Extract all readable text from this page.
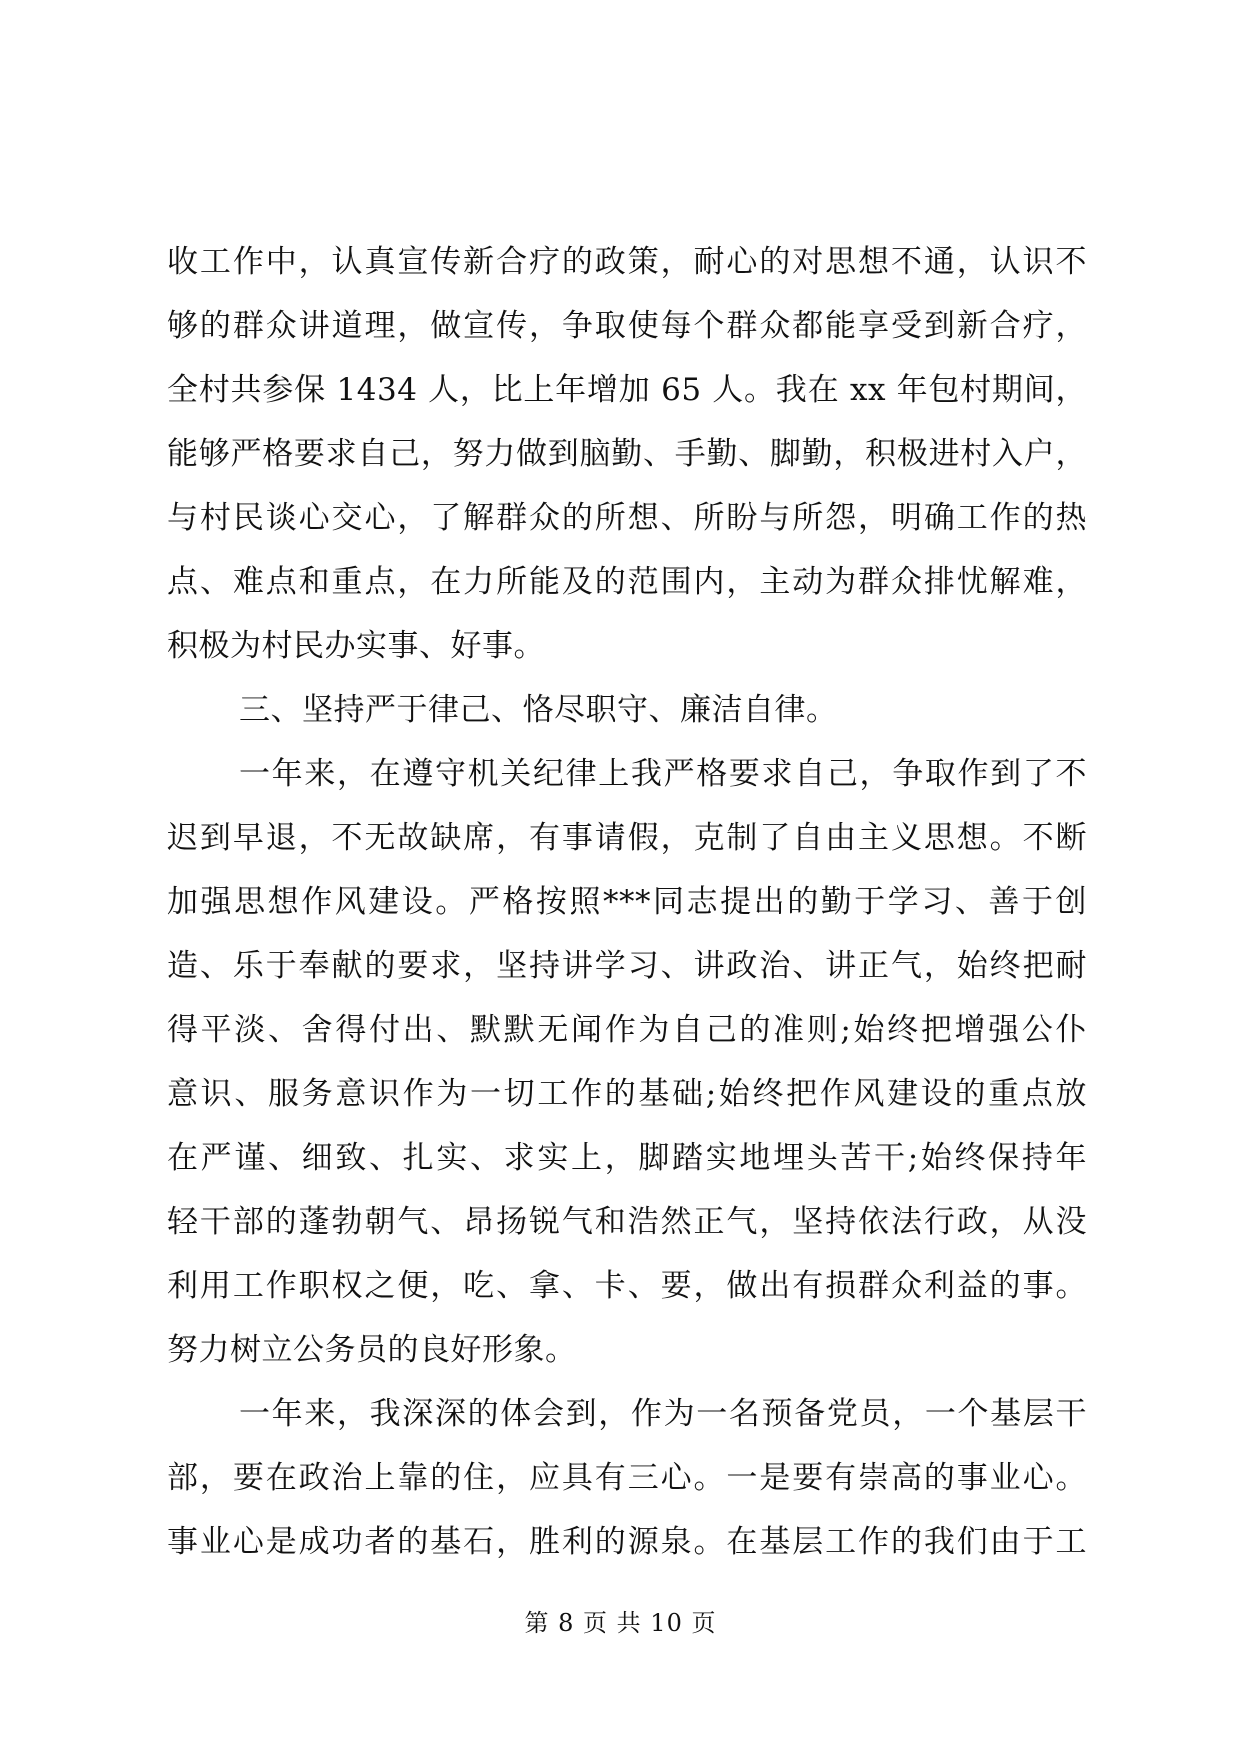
收工作中，认真宣传新合疗的政策，耐心的对思想不通，认识不
够的群众讲道理，做宣传，争取使每个群众都能享受到新合疗，
全村共参保 1434 人，比上年增加 65 人。我在 xx 年包村期间，
能够严格要求自己，努力做到脑勤、手勤、脚勤，积极进村入户，
与村民谈心交心，了解群众的所想、所盼与所怨，明确工作的热
点、难点和重点，在力所能及的范围内，主动为群众排忧解难，
积极为村民办实事、好事。
三、坚持严于律己、恪尽职守、廉洁自律。
一年来，在遵守机关纪律上我严格要求自己，争取作到了不
迟到早退，不无故缺席，有事请假，克制了自由主义思想。不断
加强思想作风建设。严格按照***同志提出的勤于学习、善于创
造、乐于奉献的要求，坚持讲学习、讲政治、讲正气，始终把耐
得平淡、舍得付出、默默无闻作为自己的准则;始终把增强公仆
意识、服务意识作为一切工作的基础;始终把作风建设的重点放
在严谨、细致、扎实、求实上，脚踏实地埋头苦干;始终保持年
轻干部的蓬勃朝气、昂扬锐气和浩然正气，坚持依法行政，从没
利用工作职权之便，吃、拿、卡、要，做出有损群众利益的事。
努力树立公务员的良好形象。
一年来，我深深的体会到，作为一名预备党员，一个基层干
部，要在政治上靠的住，应具有三心。一是要有崇高的事业心。
事业心是成功者的基石，胜利的源泉。在基层工作的我们由于工
第 8 页 共 10 页
